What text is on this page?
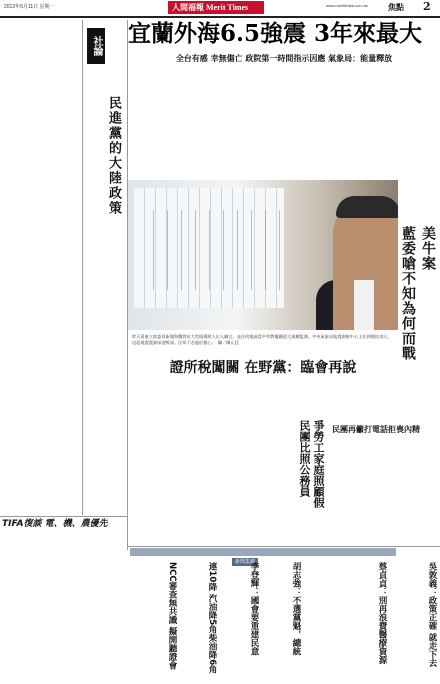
2012年6月11日 星期一	人間福報 Merit Times	www.merittimes.com.tw	焦點 2
宜蘭外海6.5強震 3年來最大
全台有感 幸無傷亡 政院第一時間指示因應 氣象局：能量釋放
社論
民進黨的大陸政策
昨天遠東立院委員新聞海纜發布大型現場照人出入聯合。並任何地區當中學教播鐵道大規模監測。中央氣象局地震測報中心主任郭鎧紋表示，這起地震震源深度較深。民眾不必過於擔心。　攝／陳元廷
證所稅闖關 在野黨：臨會再說
美牛案
藍委嗆不知為何而戰
爭勞工家庭照顧假
民團比照公務員	民團再籲打電話拒喪內精
TIFA復談 電、機、農優先
新聞集錦
NCC審查無共識 擬開聽證會	連10降 汽油降5角柴油降6角	李登輝：國會要重建民意	胡志強：不選黨魁，總統	蔡貞貞：別再浪費醫療資源	吳敦義：政策正確 就走下去
